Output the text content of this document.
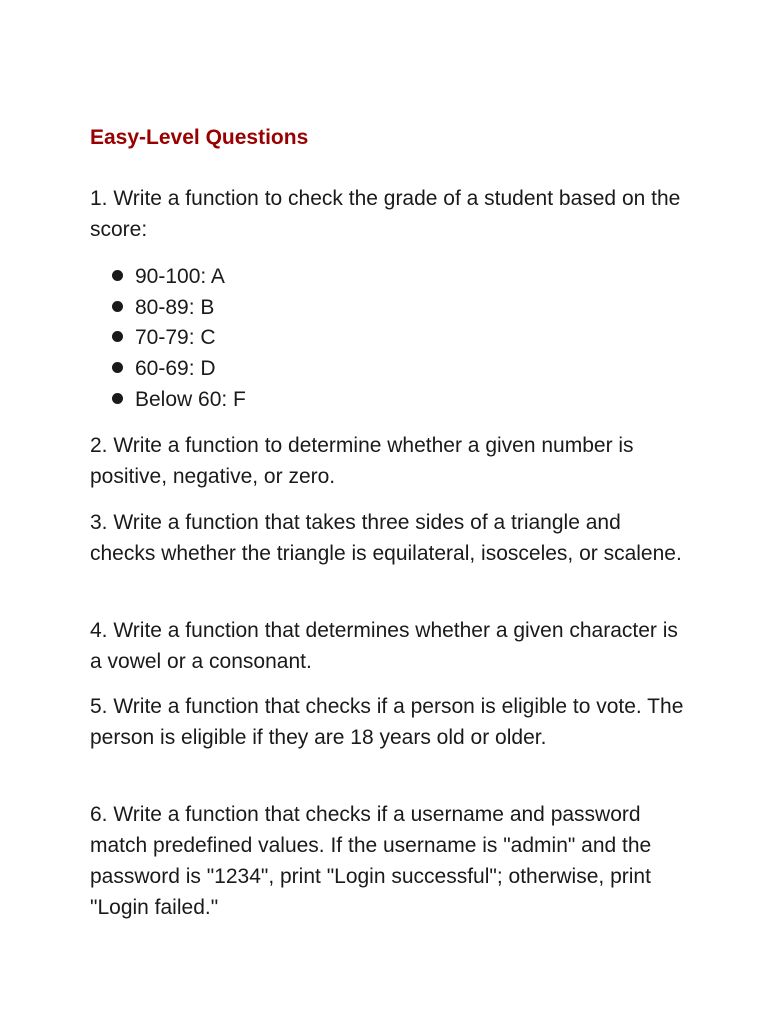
Easy-Level Questions

1. Write a function to check the grade of a student based on the score:

90-100: A
80-89: B
70-79: C
60-69: D
Below 60: F

2. Write a function to determine whether a given number is positive, negative, or zero.

3. Write a function that takes three sides of a triangle and checks whether the triangle is equilateral, isosceles, or scalene.

4. Write a function that determines whether a given character is a vowel or a consonant.

5. Write a function that checks if a person is eligible to vote. The person is eligible if they are 18 years old or older.

6. Write a function that checks if a username and password match predefined values. If the username is "admin" and the password is "1234", print "Login successful"; otherwise, print "Login failed."
